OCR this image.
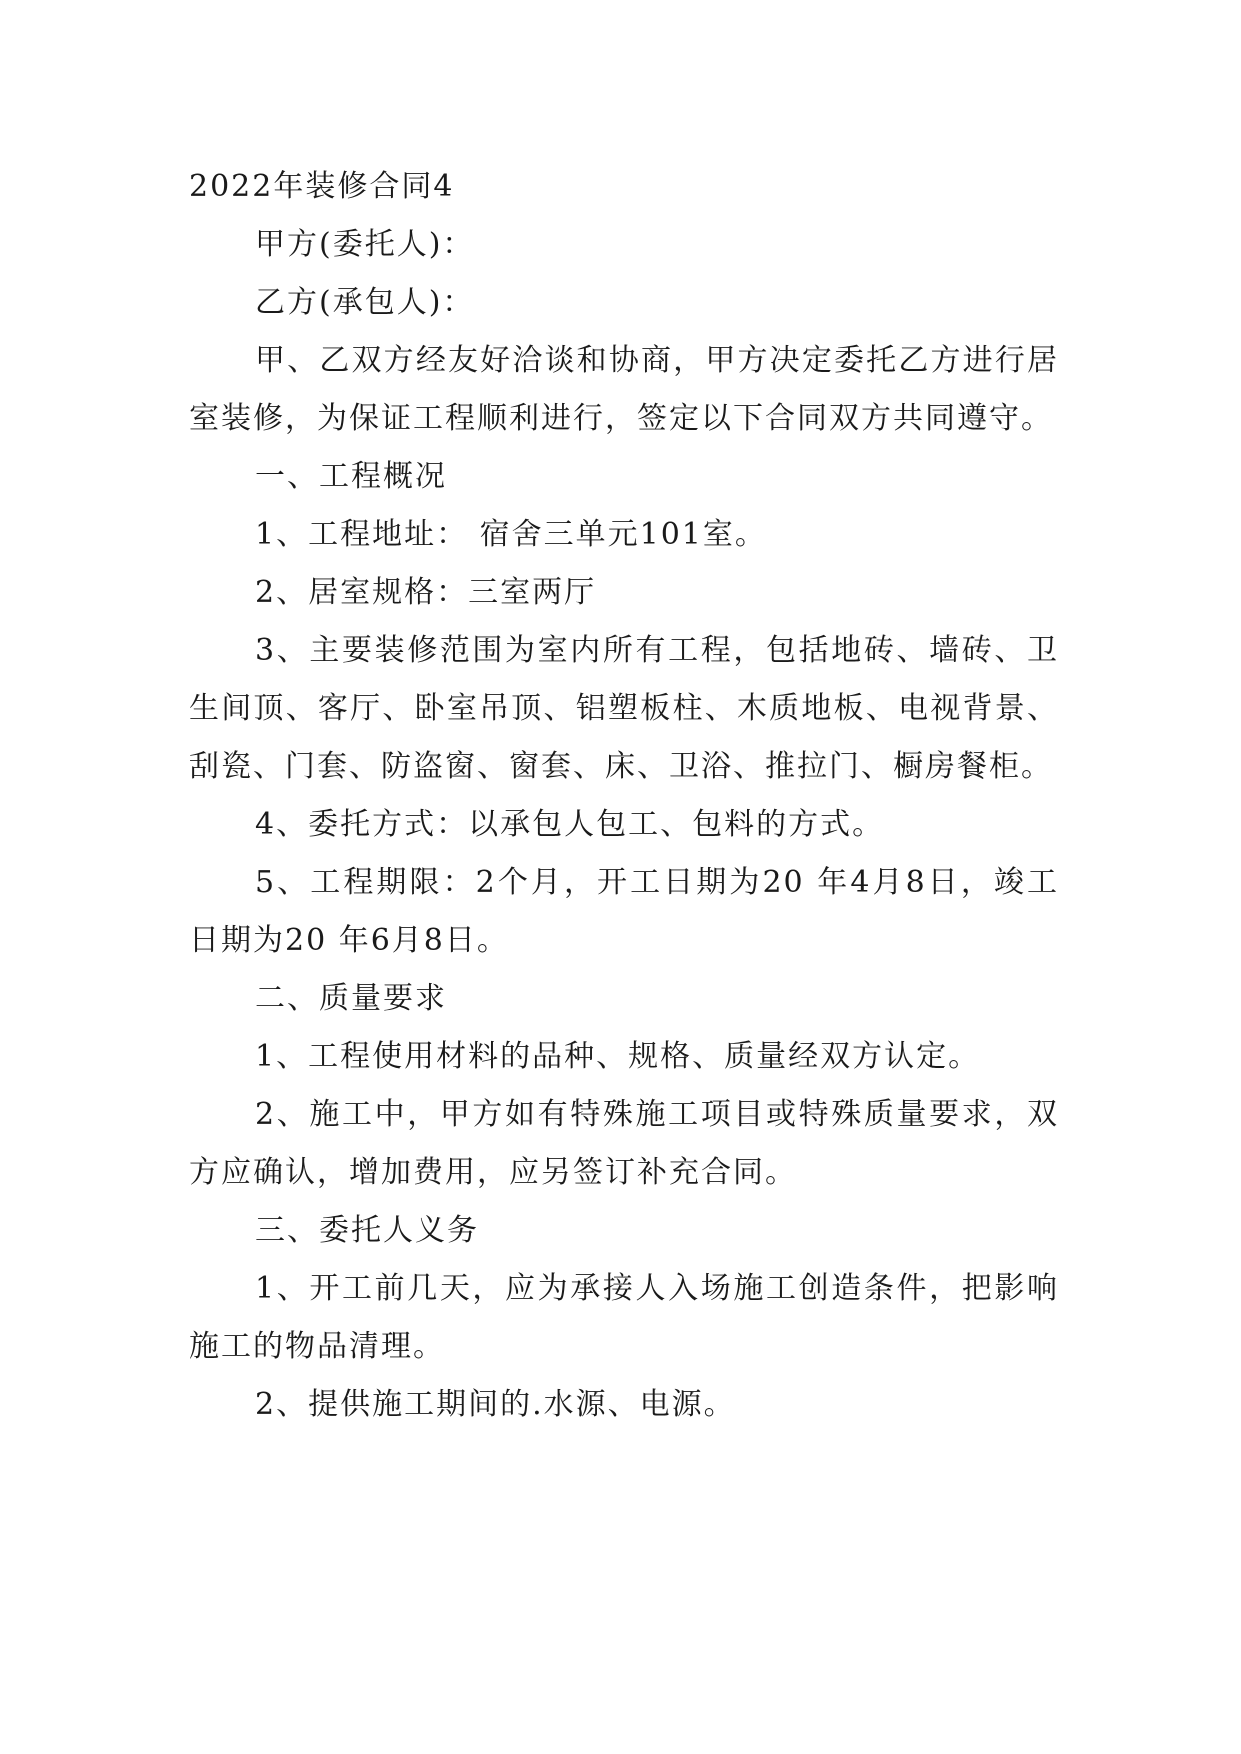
2022年装修合同4

甲方(委托人)：

乙方(承包人)：

甲、乙双方经友好洽谈和协商，甲方决定委托乙方进行居室装修，为保证工程顺利进行，签定以下合同双方共同遵守。

一、工程概况

1、工程地址： 宿舍三单元101室。

2、居室规格：三室两厅

3、主要装修范围为室内所有工程，包括地砖、墙砖、卫生间顶、客厅、卧室吊顶、铝塑板柱、木质地板、电视背景、刮瓷、门套、防盗窗、窗套、床、卫浴、推拉门、橱房餐柜。

4、委托方式：以承包人包工、包料的方式。

5、工程期限：2个月，开工日期为20 年4月8日，竣工日期为20 年6月8日。

二、质量要求

1、工程使用材料的品种、规格、质量经双方认定。

2、施工中，甲方如有特殊施工项目或特殊质量要求，双方应确认，增加费用，应另签订补充合同。

三、委托人义务

1、开工前几天，应为承接人入场施工创造条件，把影响施工的物品清理。

2、提供施工期间的.水源、电源。
